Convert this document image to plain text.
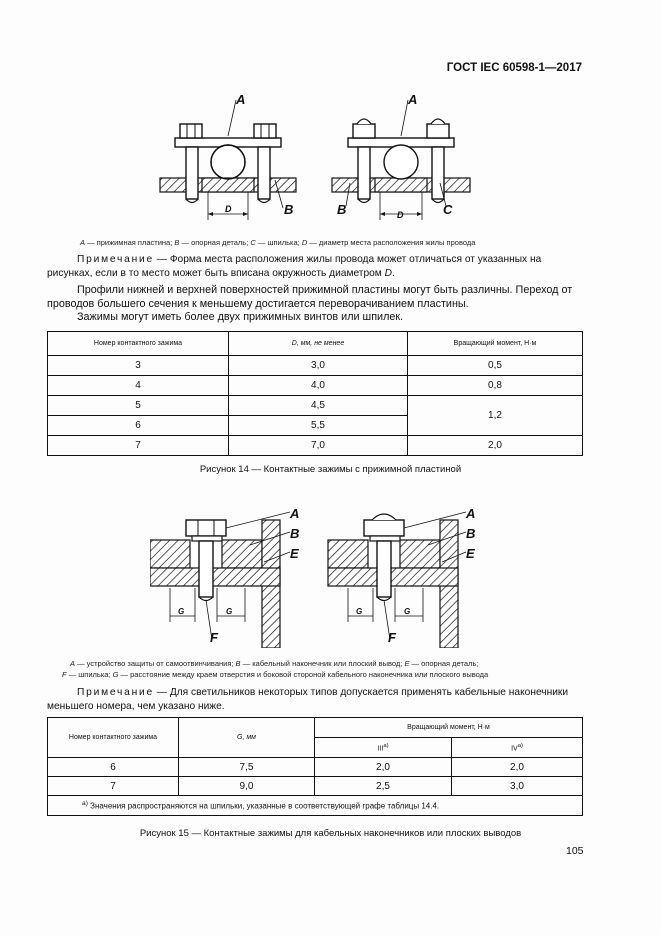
ГОСТ IEC 60598-1—2017
A
D	B
A
D
B	C
A — прижимная пластина; B — опорная деталь; C — шпилька; D — диаметр места расположения жилы провода
Примечание — Форма места расположения жилы провода может отличаться от указанных на рисунках, если в то место может быть вписана окружность диаметром D.
Профили нижней и верхней поверхностей прижимной пластины могут быть различны. Переход от проводов большего сечения к меньшему достигается переворачиванием пластины.
Зажимы могут иметь более двух прижимных винтов или шпилек.
Номер контактного зажима	D, мм, не менее	Вращающий момент, Н·м
3	3,0	0,5
4	4,0	0,8
5	4,5	1,2
6	5,5	
7	7,0	2,0
Рисунок 14 — Контактные зажимы с прижимной пластиной
A
B
E
F
G	G
A
B
E
F
G	G
A — устройство защиты от самоотвинчивания; B — кабельный наконечник или плоский вывод; E — опорная деталь;
F — шпилька; G — расстояние между краем отверстия и боковой стороной кабельного наконечника или плоского вывода
Примечание — Для светильников некоторых типов допускается применять кабельные наконечники меньшего номера, чем указано ниже.
Номер контактного зажима	G, мм	Вращающий момент, Н·м	
		III$^{a)}$	IV$^{a)}$
6	7,5	2,0	2,0
7	9,0	2,5	3,0
$^{a)}$ Значения распространяются на шпильки, указанные в соответствующей графе таблицы 14.4.			
Рисунок 15 — Контактные зажимы для кабельных наконечников или плоских выводов
105
